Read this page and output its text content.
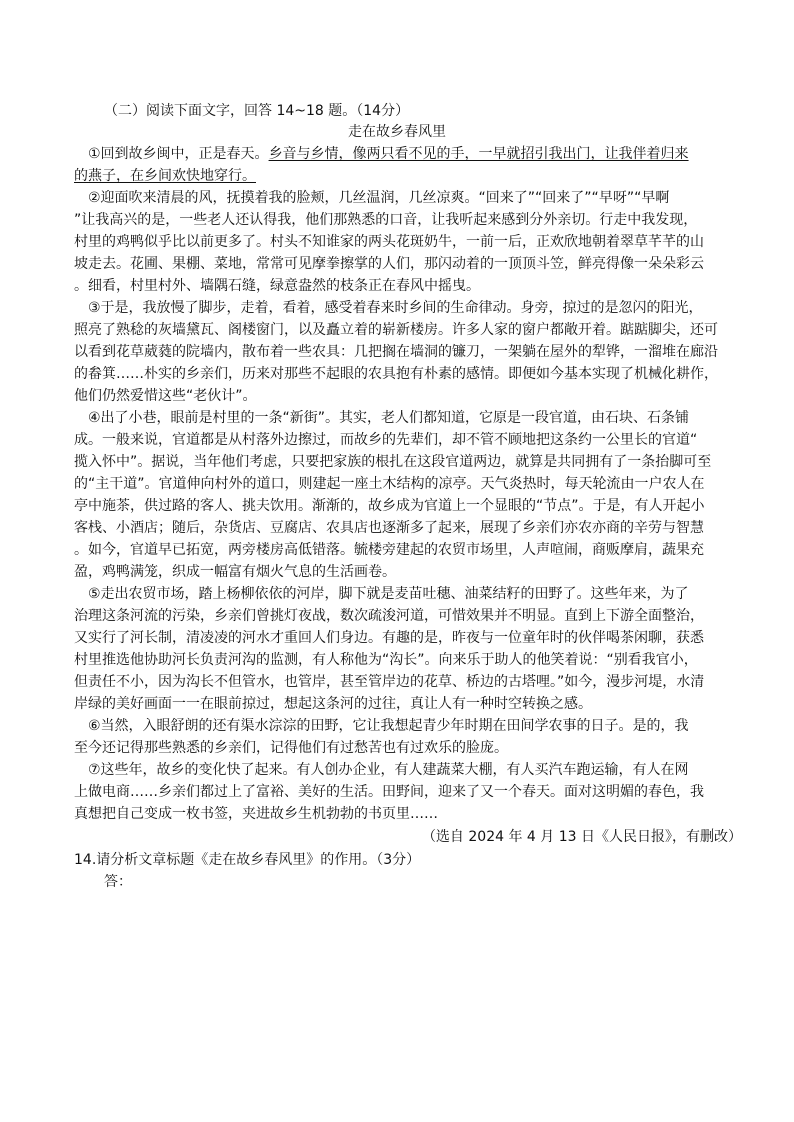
（二）阅读下面文字，回答 14~18 题。（14分）
走在故乡春风里
①回到故乡闽中，正是春天。乡音与乡情，像两只看不见的手，一早就招引我出门，让我伴着归来
的燕子，在乡间欢快地穿行。
②迎面吹来清晨的风，抚摸着我的脸颊，几丝温润，几丝凉爽。“回来了”“回来了”“早呀”“早啊
”让我高兴的是，一些老人还认得我，他们那熟悉的口音，让我听起来感到分外亲切。行走中我发现，
村里的鸡鸭似乎比以前更多了。村头不知谁家的两头花斑奶牛，一前一后，正欢欣地朝着翠草芊芊的山
坡走去。花圃、果棚、菜地，常常可见摩拳擦掌的人们，那闪动着的一顶顶斗笠，鲜亮得像一朵朵彩云
。细看，村里村外、墙隅石缝，绿意盎然的枝条正在春风中摇曳。
③于是，我放慢了脚步，走着，看着，感受着春来时乡间的生命律动。身旁，掠过的是忽闪的阳光，
照亮了熟稔的灰墙黛瓦、阁楼窗门，以及矗立着的崭新楼房。许多人家的窗户都敞开着。踮踮脚尖，还可
以看到花草葳蕤的院墙内，散布着一些农具：几把搁在墙洞的镰刀，一架躺在屋外的犁铧，一溜堆在廊沿
的畚箕……朴实的乡亲们，历来对那些不起眼的农具抱有朴素的感情。即便如今基本实现了机械化耕作，
他们仍然爱惜这些“老伙计”。
④出了小巷，眼前是村里的一条“新街”。其实，老人们都知道，它原是一段官道，由石块、石条铺
成。一般来说，官道都是从村落外边擦过，而故乡的先辈们，却不管不顾地把这条约一公里长的官道“
揽入怀中”。据说，当年他们考虑，只要把家族的根扎在这段官道两边，就算是共同拥有了一条抬脚可至
的“主干道”。官道伸向村外的道口，则建起一座土木结构的凉亭。天气炎热时，每天轮流由一户农人在
亭中施茶，供过路的客人、挑夫饮用。渐渐的，故乡成为官道上一个显眼的“节点”。于是，有人开起小
客栈、小酒店；随后，杂货店、豆腐店、农具店也逐渐多了起来，展现了乡亲们亦农亦商的辛劳与智慧
。如今，官道早已拓宽，两旁楼房高低错落。毓楼旁建起的农贸市场里，人声喧闹，商贩摩肩，蔬果充
盈，鸡鸭满笼，织成一幅富有烟火气息的生活画卷。
⑤走出农贸市场，踏上杨柳依依的河岸，脚下就是麦苗吐穗、油菜结籽的田野了。这些年来，为了
治理这条河流的污染，乡亲们曾挑灯夜战，数次疏浚河道，可惜效果并不明显。直到上下游全面整治，
又实行了河长制，清凌凌的河水才重回人们身边。有趣的是，昨夜与一位童年时的伙伴喝茶闲聊，获悉
村里推选他协助河长负责河沟的监测，有人称他为“沟长”。向来乐于助人的他笑着说：“别看我官小，
但责任不小，因为沟长不但管水，也管岸，甚至管岸边的花草、桥边的古塔哩。”如今，漫步河堤，水清
岸绿的美好画面一一在眼前掠过，想起这条河的过往，真让人有一种时空转换之感。
⑥当然，入眼舒朗的还有渠水淙淙的田野，它让我想起青少年时期在田间学农事的日子。是的，我
至今还记得那些熟悉的乡亲们，记得他们有过愁苦也有过欢乐的脸庞。
⑦这些年，故乡的变化快了起来。有人创办企业，有人建蔬菜大棚，有人买汽车跑运输，有人在网
上做电商……乡亲们都过上了富裕、美好的生活。田野间，迎来了又一个春天。面对这明媚的春色，我
真想把自己变成一枚书签，夹进故乡生机勃勃的书页里……
（选自 2024 年 4 月 13 日《人民日报》，有删改）
14.请分析文章标题《走在故乡春风里》的作用。（3分）
答：
